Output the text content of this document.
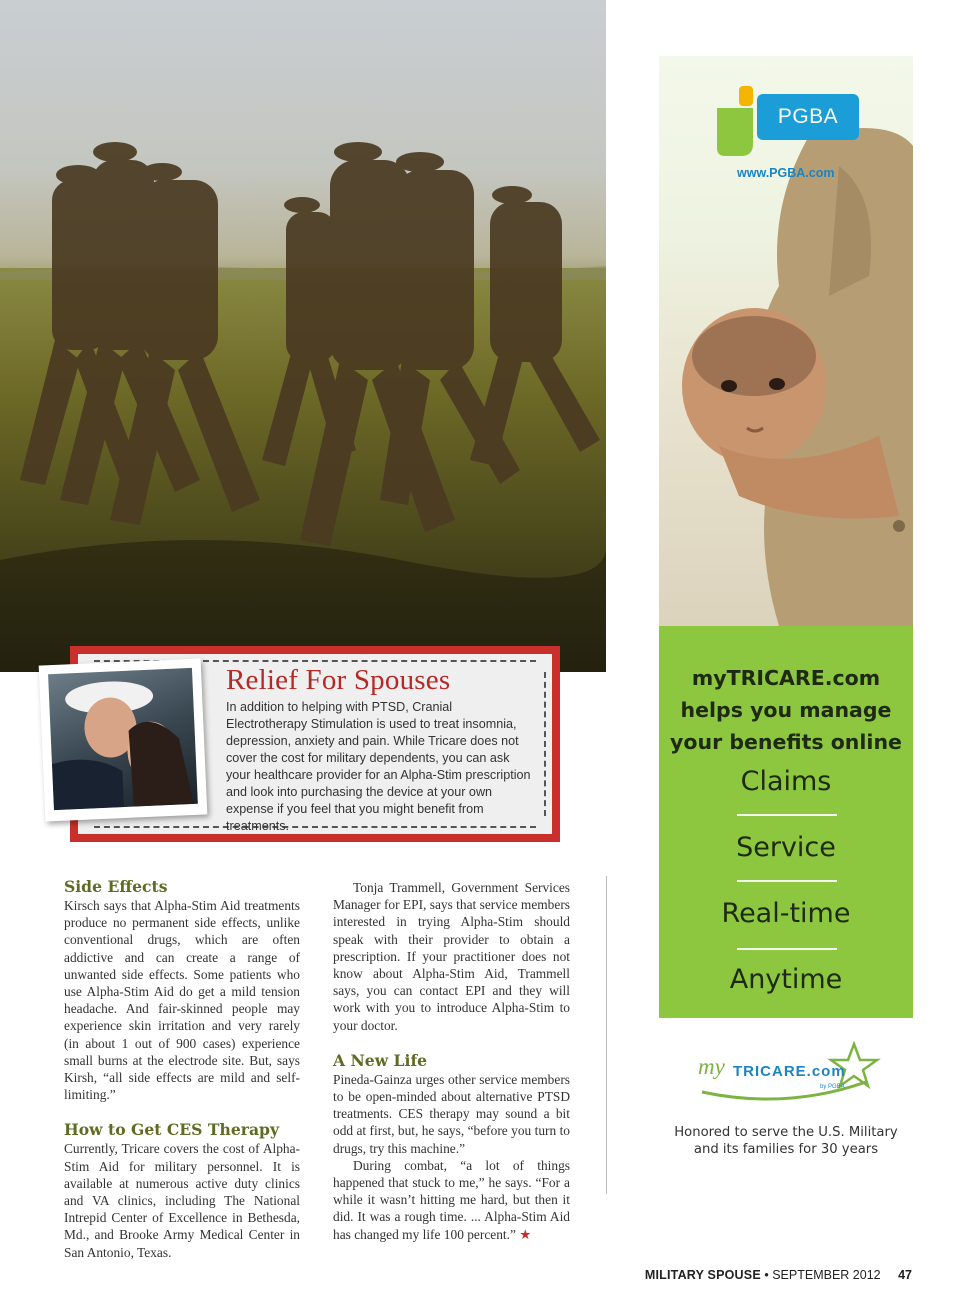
Relief For Spouses

In addition to helping with PTSD, Cranial Electrotherapy Stimulation is used to treat insomnia, depression, anxiety and pain. While Tricare does not cover the cost for military dependents, you can ask your healthcare provider for an Alpha-Stim prescription and look into purchasing the device at your own expense if you feel that you might benefit from treatments.

Side Effects

Kirsch says that Alpha-Stim Aid treatments produce no permanent side effects, unlike conventional drugs, which are often addictive and can create a range of unwanted side effects. Some patients who use Alpha-Stim Aid do get a mild tension headache. And fair-skinned people may experience skin irritation and very rarely (in about 1 out of 900 cases) experience small burns at the electrode site. But, says Kirsh, “all side effects are mild and self-limiting.”

How to Get CES Therapy

Currently, Tricare covers the cost of Alpha-Stim Aid for military personnel. It is available at numerous active duty clinics and VA clinics, including The National Intrepid Center of Excellence in Bethesda, Md., and Brooke Army Medical Center in San Antonio, Texas.

Tonja Trammell, Government Services Manager for EPI, says that service members interested in trying Alpha-Stim should speak with their provider to obtain a prescription. If your practitioner does not know about Alpha-Stim Aid, Trammell says, you can contact EPI and they will work with you to introduce Alpha-Stim to your doctor.

A New Life

Pineda-Gainza urges other service members to be open-minded about alternative PTSD treatments. CES therapy may sound a bit odd at first, but, he says, “before you turn to drugs, try this machine.”

During combat, “a lot of things happened that stuck to me,” he says. “For a while it wasn’t hitting me hard, but then it did. It was a rough time. ... Alpha-Stim Aid has changed my life 100 percent.” ★

PGBA
www.PGBA.com
myTRICARE.com
helps you manage
your benefits online
Claims
Service
Real-time
Anytime
my TRICARE.com
by PGBA
Honored to serve the U.S. Military
and its families for 30 years
MILITARY SPOUSE • SEPTEMBER 2012 47
